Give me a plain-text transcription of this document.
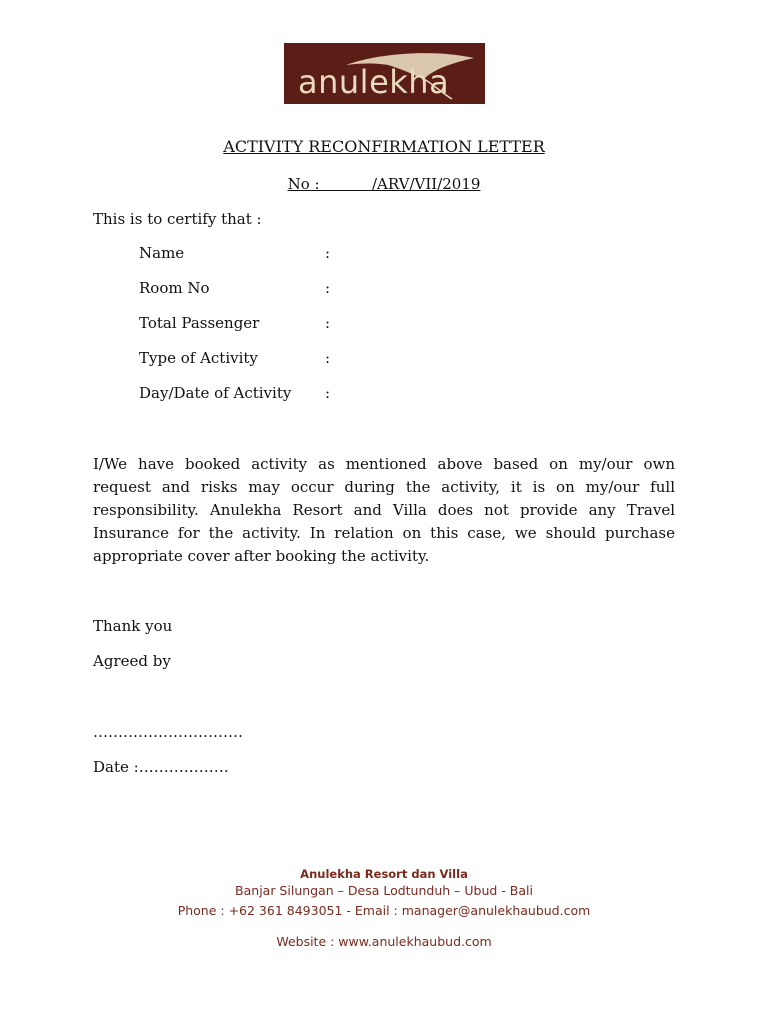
anulekha
ACTIVITY RECONFIRMATION LETTER
No :           /ARV/VII/2019
This is to certify that :
Name	:
Room No	:
Total Passenger	:
Type of Activity	:
Day/Date of Activity :
I/We have booked activity as mentioned above based on my/our own request and risks may occur during the activity, it is on my/our full responsibility. Anulekha Resort and Villa does not provide any Travel Insurance for the activity. In relation on this case, we should purchase appropriate cover after booking the activity.
Thank you
Agreed by
…………………………
Date :………………
Anulekha Resort dan Villa
Banjar Silungan – Desa Lodtunduh – Ubud - Bali
Phone : +62 361 8493051 - Email : manager@anulekhaubud.com
Website : www.anulekhaubud.com
